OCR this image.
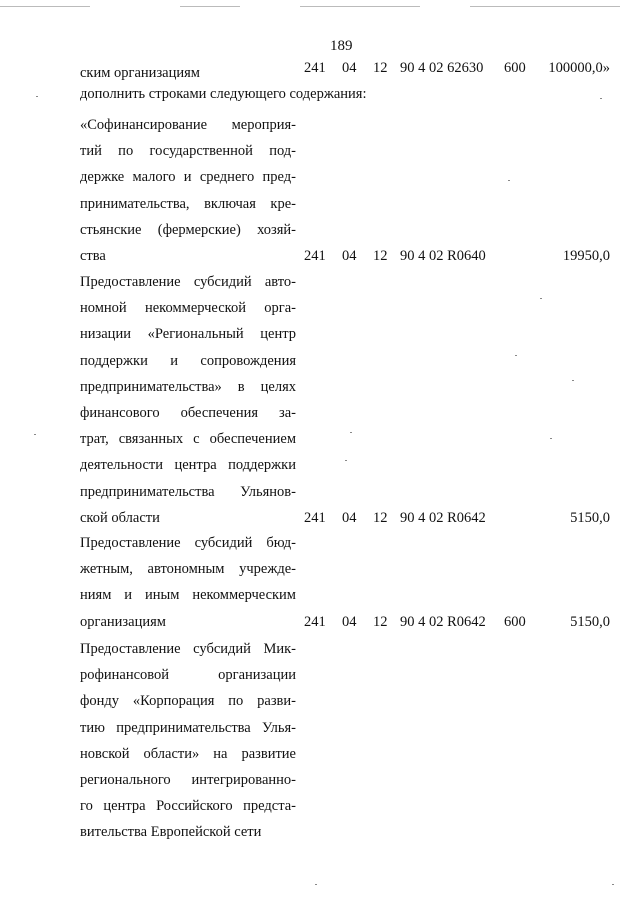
189
ским организациям	241 04 12 90 4 02 62630 600 100000,0»
дополнить строками следующего содержания:
«Софинансирование мероприя-
тий по государственной под-
держке малого и среднего пред-
принимательства, включая кре-
стьянские (фермерские) хозяй-
ства	241 04 12 90 4 02 R0640	19950,0
Предоставление субсидий авто-
номной некоммерческой орга-
низации «Региональный центр
поддержки и сопровождения
предпринимательства» в целях
финансового обеспечения за-
трат, связанных с обеспечением
деятельности центра поддержки
предпринимательства Ульянов-
ской области	241 04 12 90 4 02 R0642	5150,0
Предоставление субсидий бюд-
жетным, автономным учрежде-
ниям и иным некоммерческим
организациям	241 04 12 90 4 02 R0642 600	5150,0
Предоставление субсидий Мик-
рофинансовой организации
фонду «Корпорация по разви-
тию предпринимательства Улья-
новской области» на развитие
регионального интегрированно-
го центра Российского предста-
вительства Европейской сети
